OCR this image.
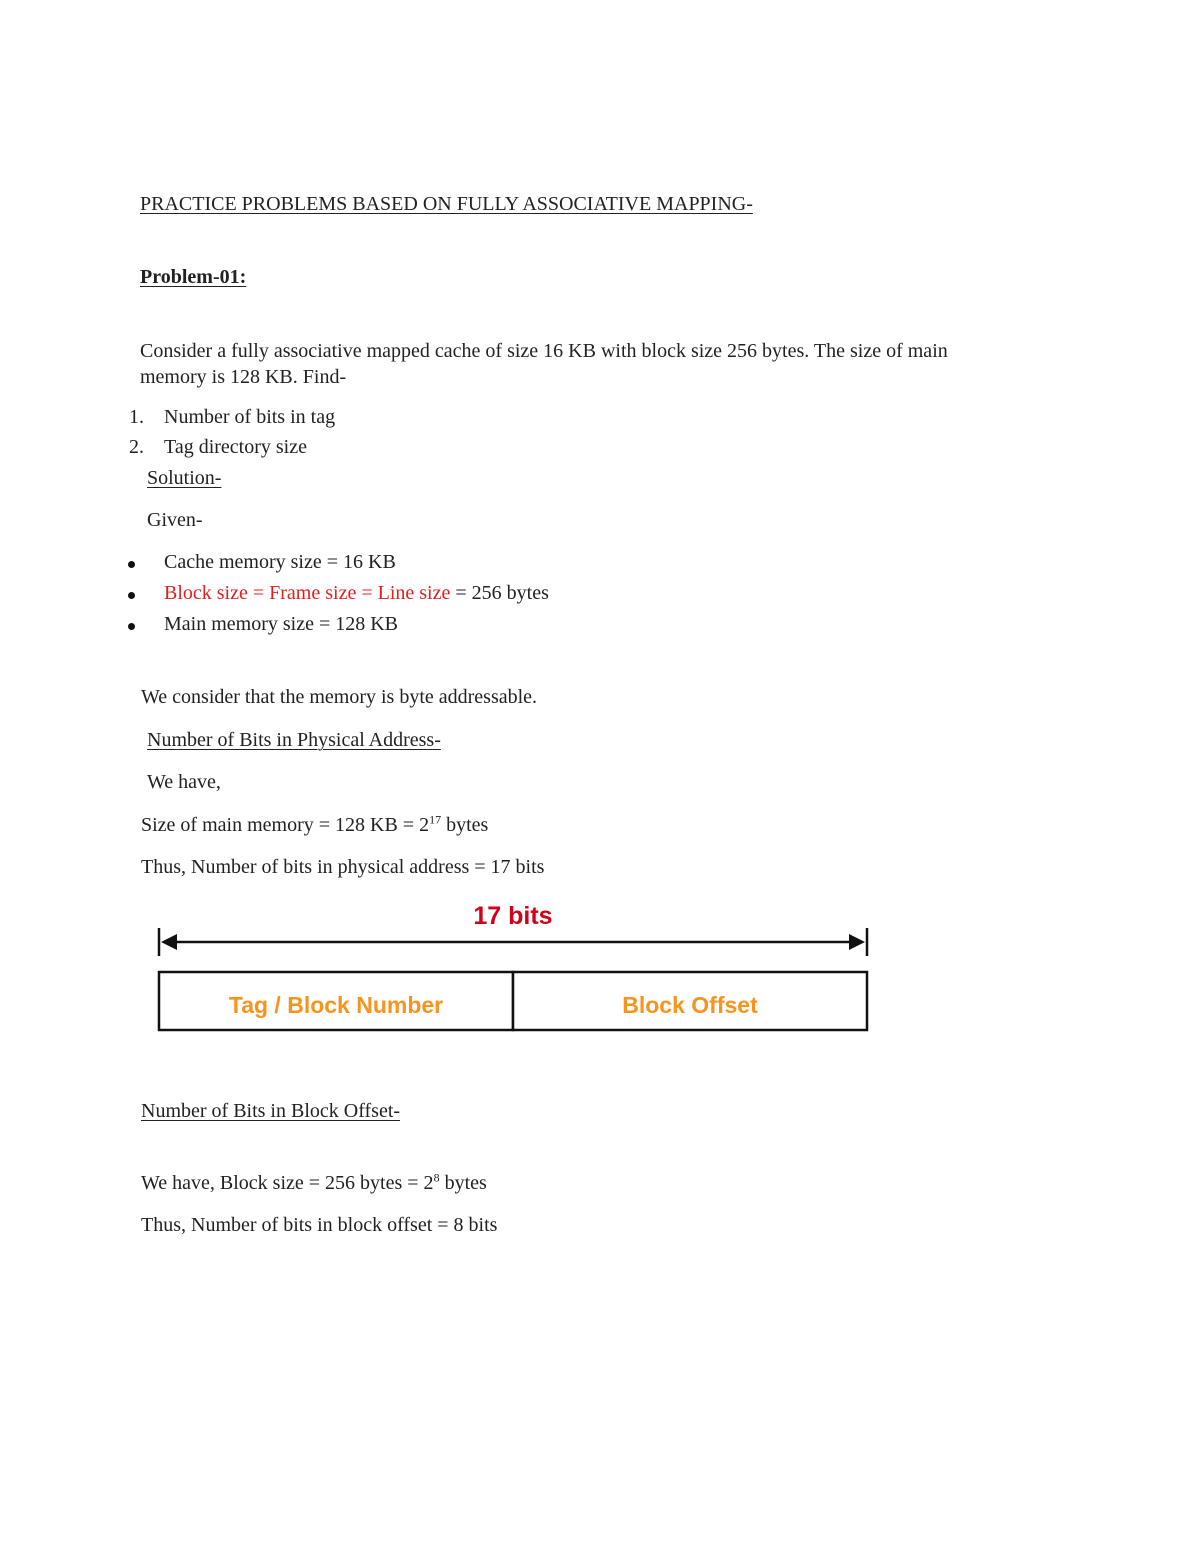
PRACTICE PROBLEMS BASED ON FULLY ASSOCIATIVE MAPPING-
Problem-01:
Consider a fully associative mapped cache of size 16 KB with block size 256 bytes. The size of main
memory is 128 KB. Find-
1. Number of bits in tag
2. Tag directory size
Solution-
Given-
Cache memory size = 16 KB
Block size = Frame size = Line size = 256 bytes
Main memory size = 128 KB
We consider that the memory is byte addressable.
Number of Bits in Physical Address-
We have,
Size of main memory = 128 KB = $2^{17}$ bytes
Thus, Number of bits in physical address = 17 bits
17 bits
Tag / Block Number	Block Offset
Number of Bits in Block Offset-
We have, Block size = 256 bytes = $2^8$ bytes
Thus, Number of bits in block offset = 8 bits
